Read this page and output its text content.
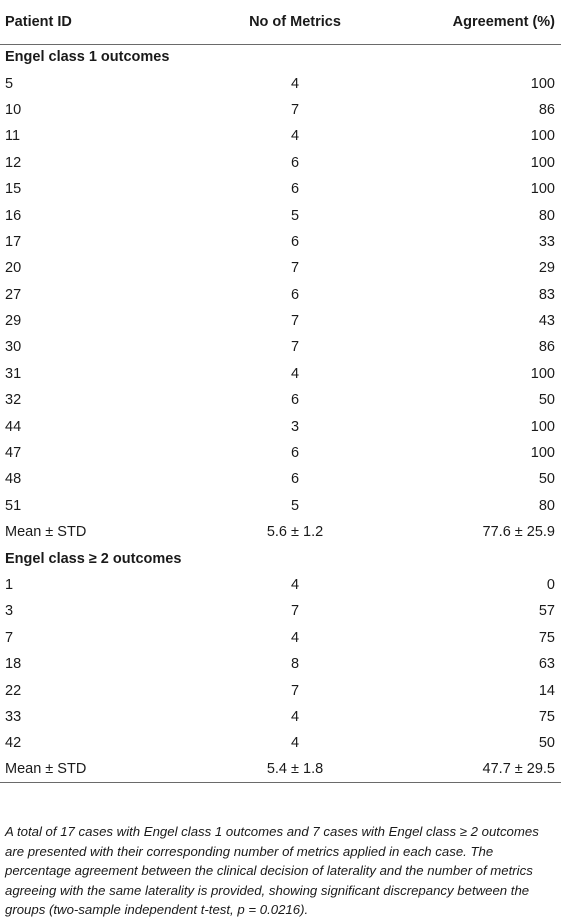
Patient ID	No of Metrics	Agreement (%)
Engel class 1 outcomes		
5	4	100
10	7	86
11	4	100
12	6	100
15	6	100
16	5	80
17	6	33
20	7	29
27	6	83
29	7	43
30	7	86
31	4	100
32	6	50
44	3	100
47	6	100
48	6	50
51	5	80
Mean ± STD	5.6 ± 1.2	77.6 ± 25.9
Engel class ≥ 2 outcomes		
1	4	0
3	7	57
7	4	75
18	8	63
22	7	14
33	4	75
42	4	50
Mean ± STD	5.4 ± 1.8	47.7 ± 29.5

A total of 17 cases with Engel class 1 outcomes and 7 cases with Engel class ≥ 2 outcomes are presented with their corresponding number of metrics applied in each case. The percentage agreement between the clinical decision of laterality and the number of metrics agreeing with the same laterality is provided, showing significant discrepancy between the groups (two-sample independent t-test, p = 0.0216).
